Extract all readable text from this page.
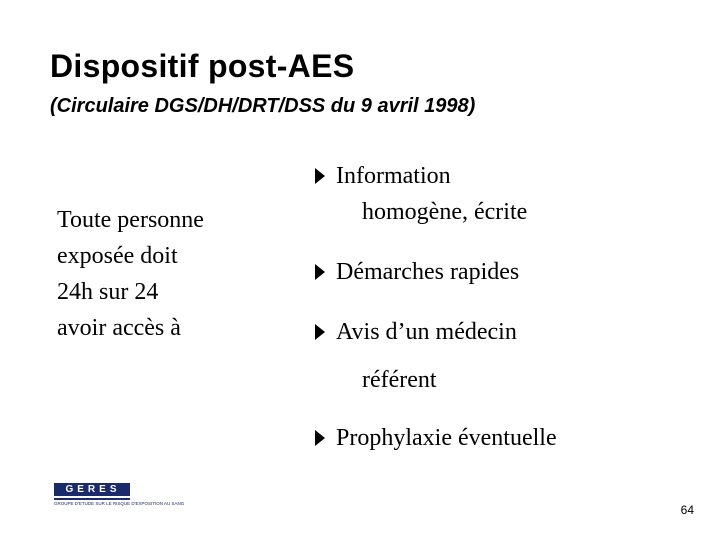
Dispositif post-AES
(Circulaire DGS/DH/DRT/DSS du 9 avril 1998)
Toute personne
exposée doit
24h sur 24
avoir accès à
Information
homogène, écrite
Démarches rapides
Avis d’un médecin
référent
Prophylaxie éventuelle
GERES
GROUPE D'ETUDE SUR LE RISQUE D'EXPOSITION AU SANG	64
